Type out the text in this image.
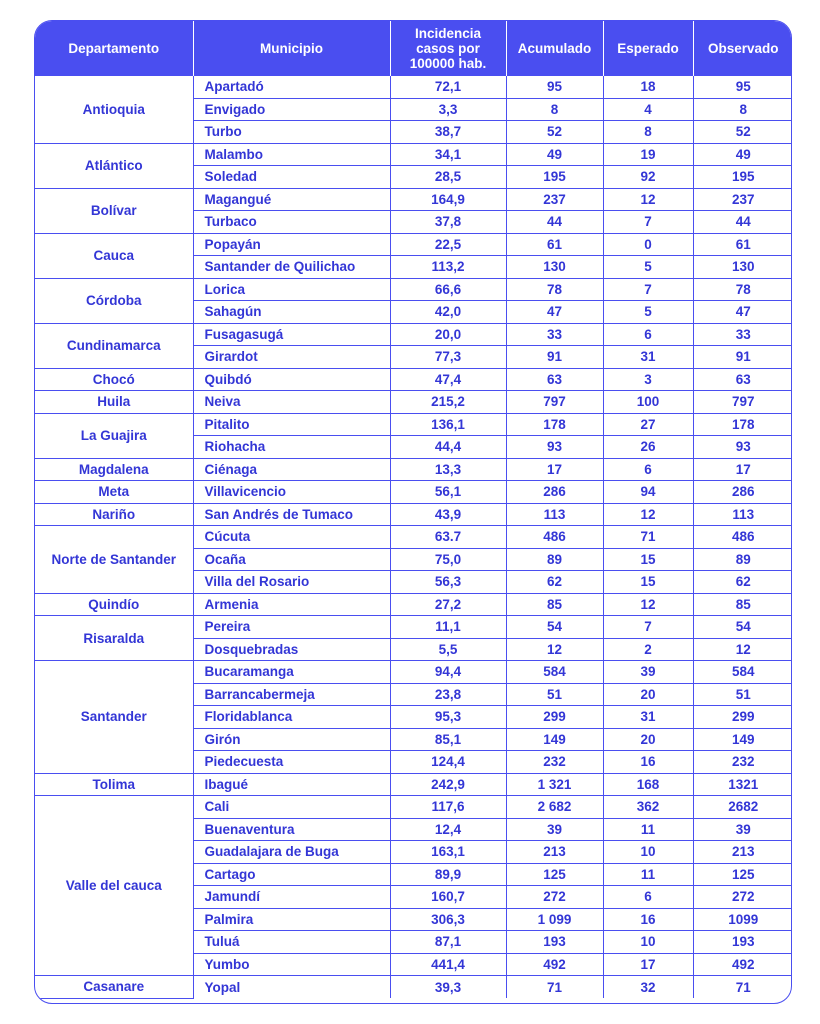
Departamento	Municipio	Incidencia casos por 100000 hab.	Acumulado	Esperado	Observado
Antioquia	Apartadó	72,1	95	18	95
	Envigado	3,3	8	4	8
	Turbo	38,7	52	8	52
Atlántico	Malambo	34,1	49	19	49
	Soledad	28,5	195	92	195
Bolívar	Magangué	164,9	237	12	237
	Turbaco	37,8	44	7	44
Cauca	Popayán	22,5	61	0	61
	Santander de Quilichao	113,2	130	5	130
Córdoba	Lorica	66,6	78	7	78
	Sahagún	42,0	47	5	47
Cundinamarca	Fusagasugá	20,0	33	6	33
	Girardot	77,3	91	31	91
Chocó	Quibdó	47,4	63	3	63
Huila	Neiva	215,2	797	100	797
La Guajira	Pitalito	136,1	178	27	178
	Riohacha	44,4	93	26	93
Magdalena	Ciénaga	13,3	17	6	17
Meta	Villavicencio	56,1	286	94	286
Nariño	San Andrés de Tumaco	43,9	113	12	113
Norte de Santander	Cúcuta	63.7	486	71	486
	Ocaña	75,0	89	15	89
	Villa del Rosario	56,3	62	15	62
Quindío	Armenia	27,2	85	12	85
Risaralda	Pereira	11,1	54	7	54
	Dosquebradas	5,5	12	2	12
Santander	Bucaramanga	94,4	584	39	584
	Barrancabermeja	23,8	51	20	51
	Floridablanca	95,3	299	31	299
	Girón	85,1	149	20	149
	Piedecuesta	124,4	232	16	232
Tolima	Ibagué	242,9	1 321	168	1321
Valle del cauca	Cali	117,6	2 682	362	2682
	Buenaventura	12,4	39	11	39
	Guadalajara de Buga	163,1	213	10	213
	Cartago	89,9	125	11	125
	Jamundí	160,7	272	6	272
	Palmira	306,3	1 099	16	1099
	Tuluá	87,1	193	10	193
	Yumbo	441,4	492	17	492
Casanare	Yopal	39,3	71	32	71
